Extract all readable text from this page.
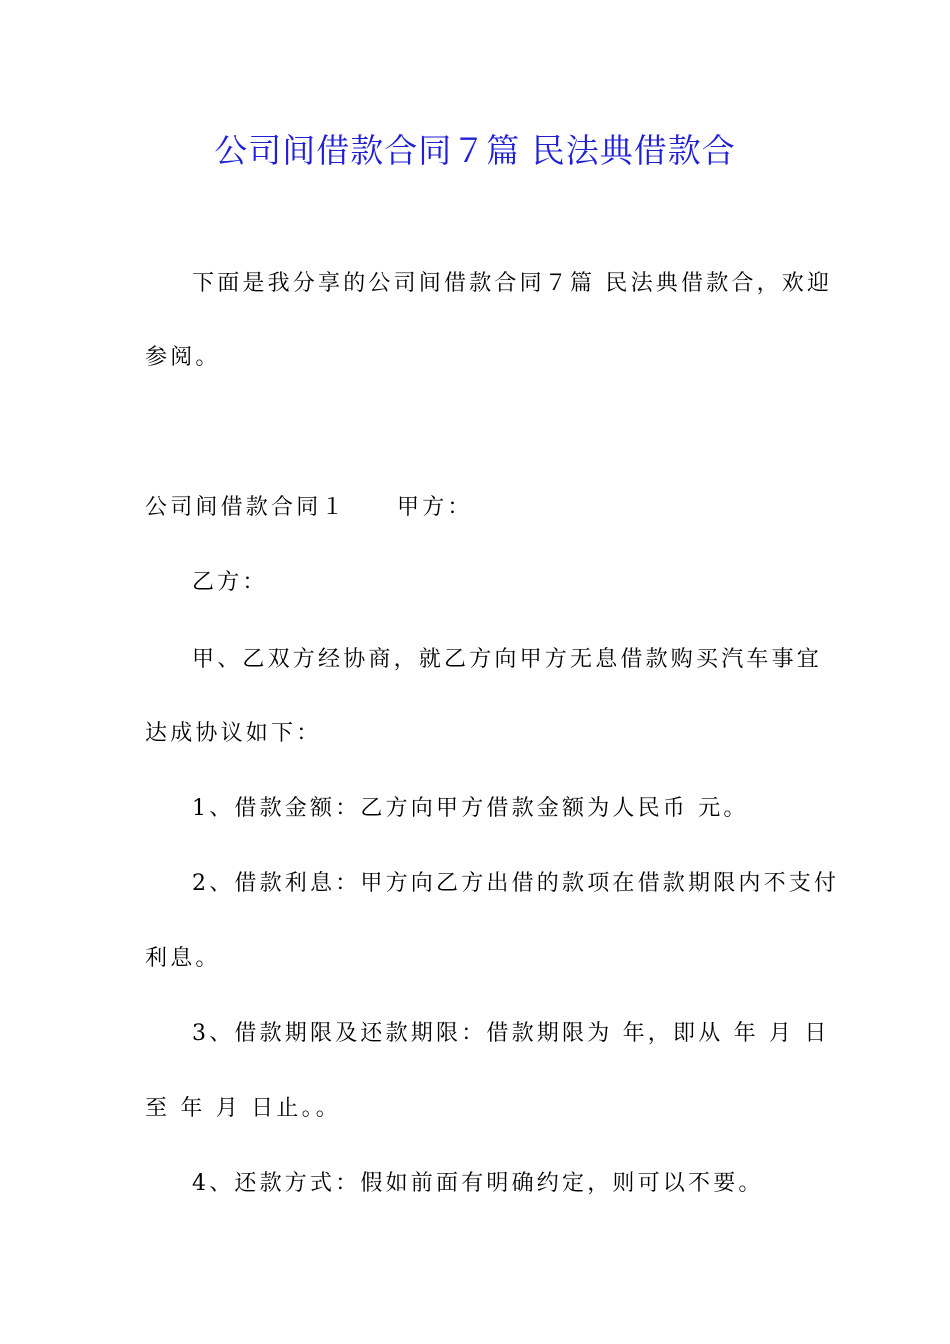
公司间借款合同７篇 民法典借款合
下面是我分享的公司间借款合同７篇 民法典借款合，欢迎
参阅。
公司间借款合同１　　甲方：
乙方：
甲、乙双方经协商，就乙方向甲方无息借款购买汽车事宜
达成协议如下：
1、借款金额：乙方向甲方借款金额为人民币 元。
2、借款利息：甲方向乙方出借的款项在借款期限内不支付
利息。
3、借款期限及还款期限：借款期限为 年，即从 年 月 日
至 年 月 日止。。
4、还款方式：假如前面有明确约定，则可以不要。
